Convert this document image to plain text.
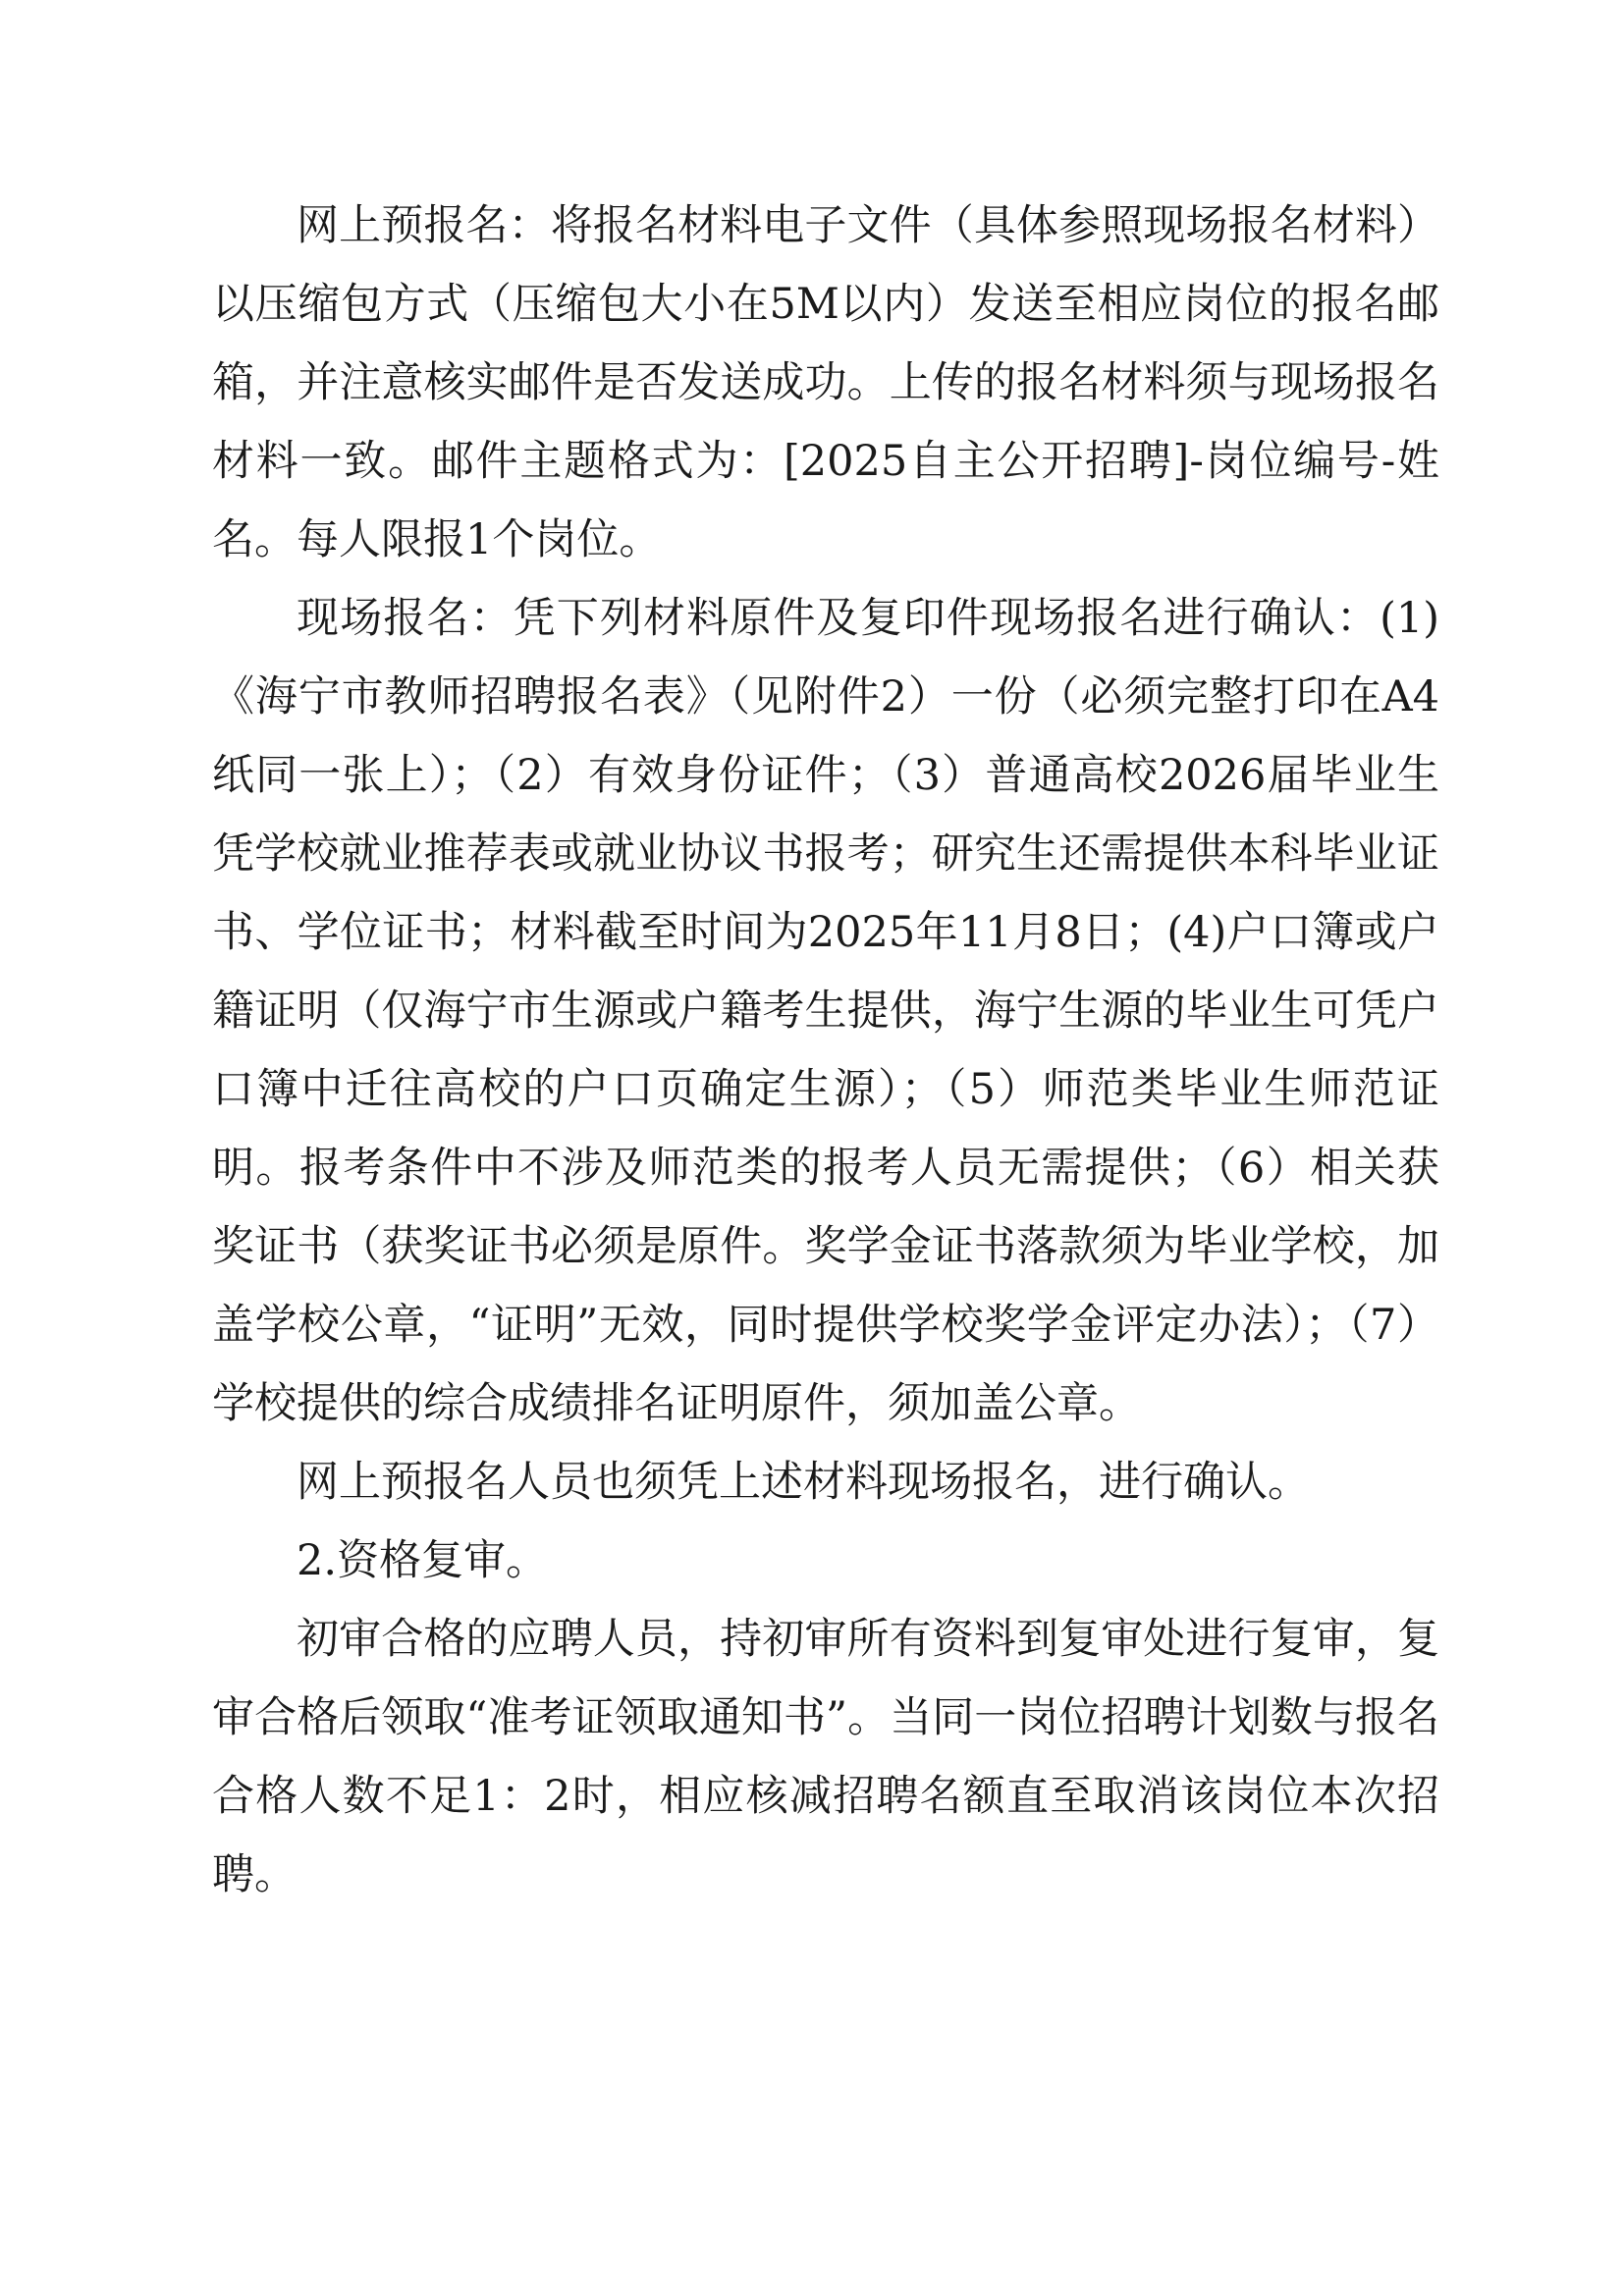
网上预报名：将报名材料电子文件（具体参照现场报名材料）以压缩包方式（压缩包大小在5M以内）发送至相应岗位的报名邮箱，并注意核实邮件是否发送成功。上传的报名材料须与现场报名材料一致。邮件主题格式为：[2025自主公开招聘]-岗位编号-姓名。每人限报1个岗位。

现场报名：凭下列材料原件及复印件现场报名进行确认：(1)《海宁市教师招聘报名表》（见附件2）一份（必须完整打印在A4纸同一张上）；（2）有效身份证件；（3）普通高校2026届毕业生凭学校就业推荐表或就业协议书报考；研究生还需提供本科毕业证书、学位证书；材料截至时间为2025年11月8日；(4)户口簿或户籍证明（仅海宁市生源或户籍考生提供，海宁生源的毕业生可凭户口簿中迁往高校的户口页确定生源）；（5）师范类毕业生师范证明。报考条件中不涉及师范类的报考人员无需提供；（6）相关获奖证书（获奖证书必须是原件。奖学金证书落款须为毕业学校，加盖学校公章，“证明”无效，同时提供学校奖学金评定办法）；（7）学校提供的综合成绩排名证明原件，须加盖公章。

网上预报名人员也须凭上述材料现场报名，进行确认。

2.资格复审。

初审合格的应聘人员，持初审所有资料到复审处进行复审，复审合格后领取“准考证领取通知书”。当同一岗位招聘计划数与报名合格人数不足1：2时，相应核减招聘名额直至取消该岗位本次招聘。
